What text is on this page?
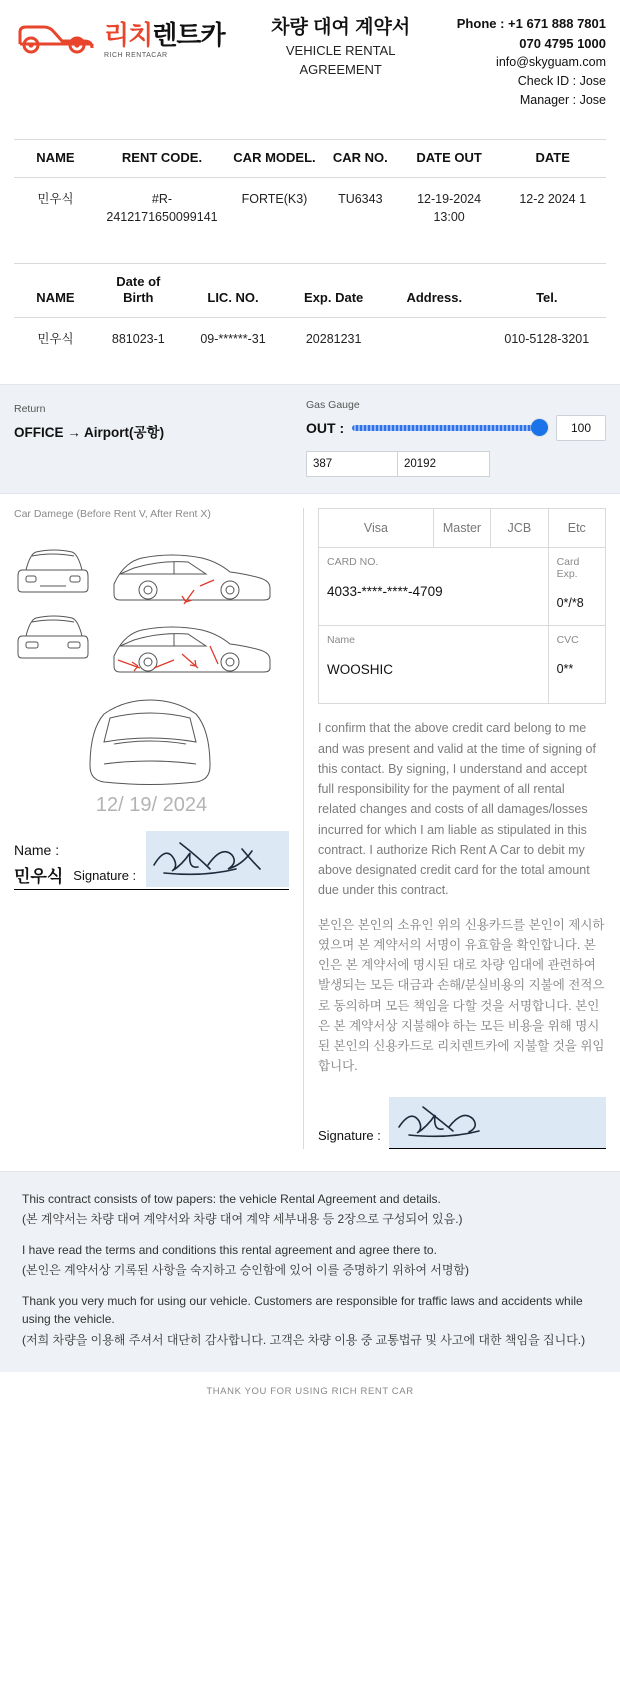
리치렌트카
RICH RENTACAR
차량 대여 계약서
VEHICLE RENTAL
AGREEMENT
Phone : +1 671 888 7801
070 4795 1000
info@skyguam.com
Check ID : Jose
Manager : Jose
NAME	RENT CODE.	CAR MODEL.	CAR NO.	DATE OUT	DATE
민우식	#R-2412171650099141	FORTE(K3)	TU6343	12-19-2024 13:00	12-2 2024 1
NAME	Date of Birth	LIC. NO.	Exp. Date	Address.	Tel.
민우식	881023-1	09-******-31	20281231		010-5128-3201
Return
OFFICE → Airport(공항)
Gas Gauge
OUT :	100
387	20192
Car Damege (Before Rent V, After Rent X)
12/ 19/ 2024
Name :
민우식 Signature :
Visa	Master	JCB	Etc

CARD NO.
4033-****-****-4709

Card Exp.
0*/*8

Name
WOOSHIC

CVC
0**

I confirm that the above credit card belong to me and was present and valid at the time of signing of this contact. By signing, I understand and accept full responsibility for the payment of all rental related changes and costs of all damages/losses incurred for which I am liable as stipulated in this contract. I authorize Rich Rent A Car to debit my above designated credit card for the total amount due under this contract.

본인은 본인의 소유인 위의 신용카드를 본인이 제시하였으며 본 계약서의 서명이 유효함을 확인합니다. 본인은 본 계약서에 명시된 대로 차량 임대에 관련하여 발생되는 모든 대금과 손해/분실비용의 지불에 전적으로 동의하며 모든 책임을 다할 것을 서명합니다. 본인은 본 계약서상 지불해야 하는 모든 비용을 위해 명시된 본인의 신용카드로 리치렌트카에 지불할 것을 위임합니다.

Signature :

This contract consists of tow papers: the vehicle Rental Agreement and details.

(본 계약서는 차량 대여 계약서와 차량 대여 계약 세부내용 등 2장으로 구성되어 있음.)

I have read the terms and conditions this rental agreement and agree there to.

(본인은 계약서상 기록된 사항을 숙지하고 승인함에 있어 이를 증명하기 위하여 서명함)

Thank you very much for using our vehicle. Customers are responsible for traffic laws and accidents while using the vehicle.

(저희 차량을 이용해 주셔서 대단히 감사합니다. 고객은 차량 이용 중 교통법규 및 사고에 대한 책임을 집니다.)

THANK YOU FOR USING RICH RENT CAR
